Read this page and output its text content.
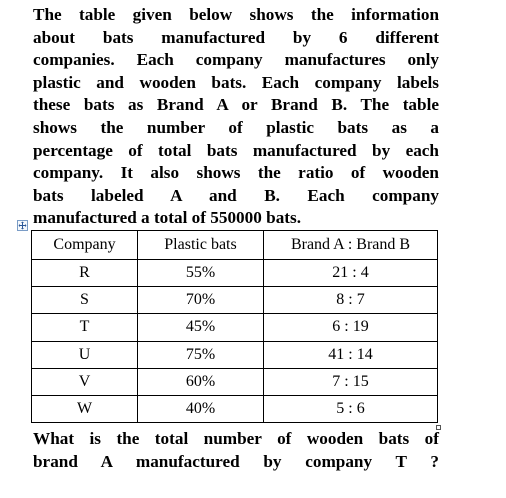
The table given below shows the information
about bats manufactured by 6 different
companies. Each company manufactures only
plastic and wooden bats. Each company labels
these bats as Brand A or Brand B. The table
shows the number of plastic bats as a
percentage of total bats manufactured by each
company. It also shows the ratio of wooden
bats labeled A and B. Each company
manufactured a total of 550000 bats.
Company	Plastic bats	Brand A : Brand B
R	55%	21 : 4
S	70%	8 : 7
T	45%	6 : 19
U	75%	41 : 14
V	60%	7 : 15
W	40%	5 : 6
What is the total number of wooden bats of
brand A manufactured by company T ?
